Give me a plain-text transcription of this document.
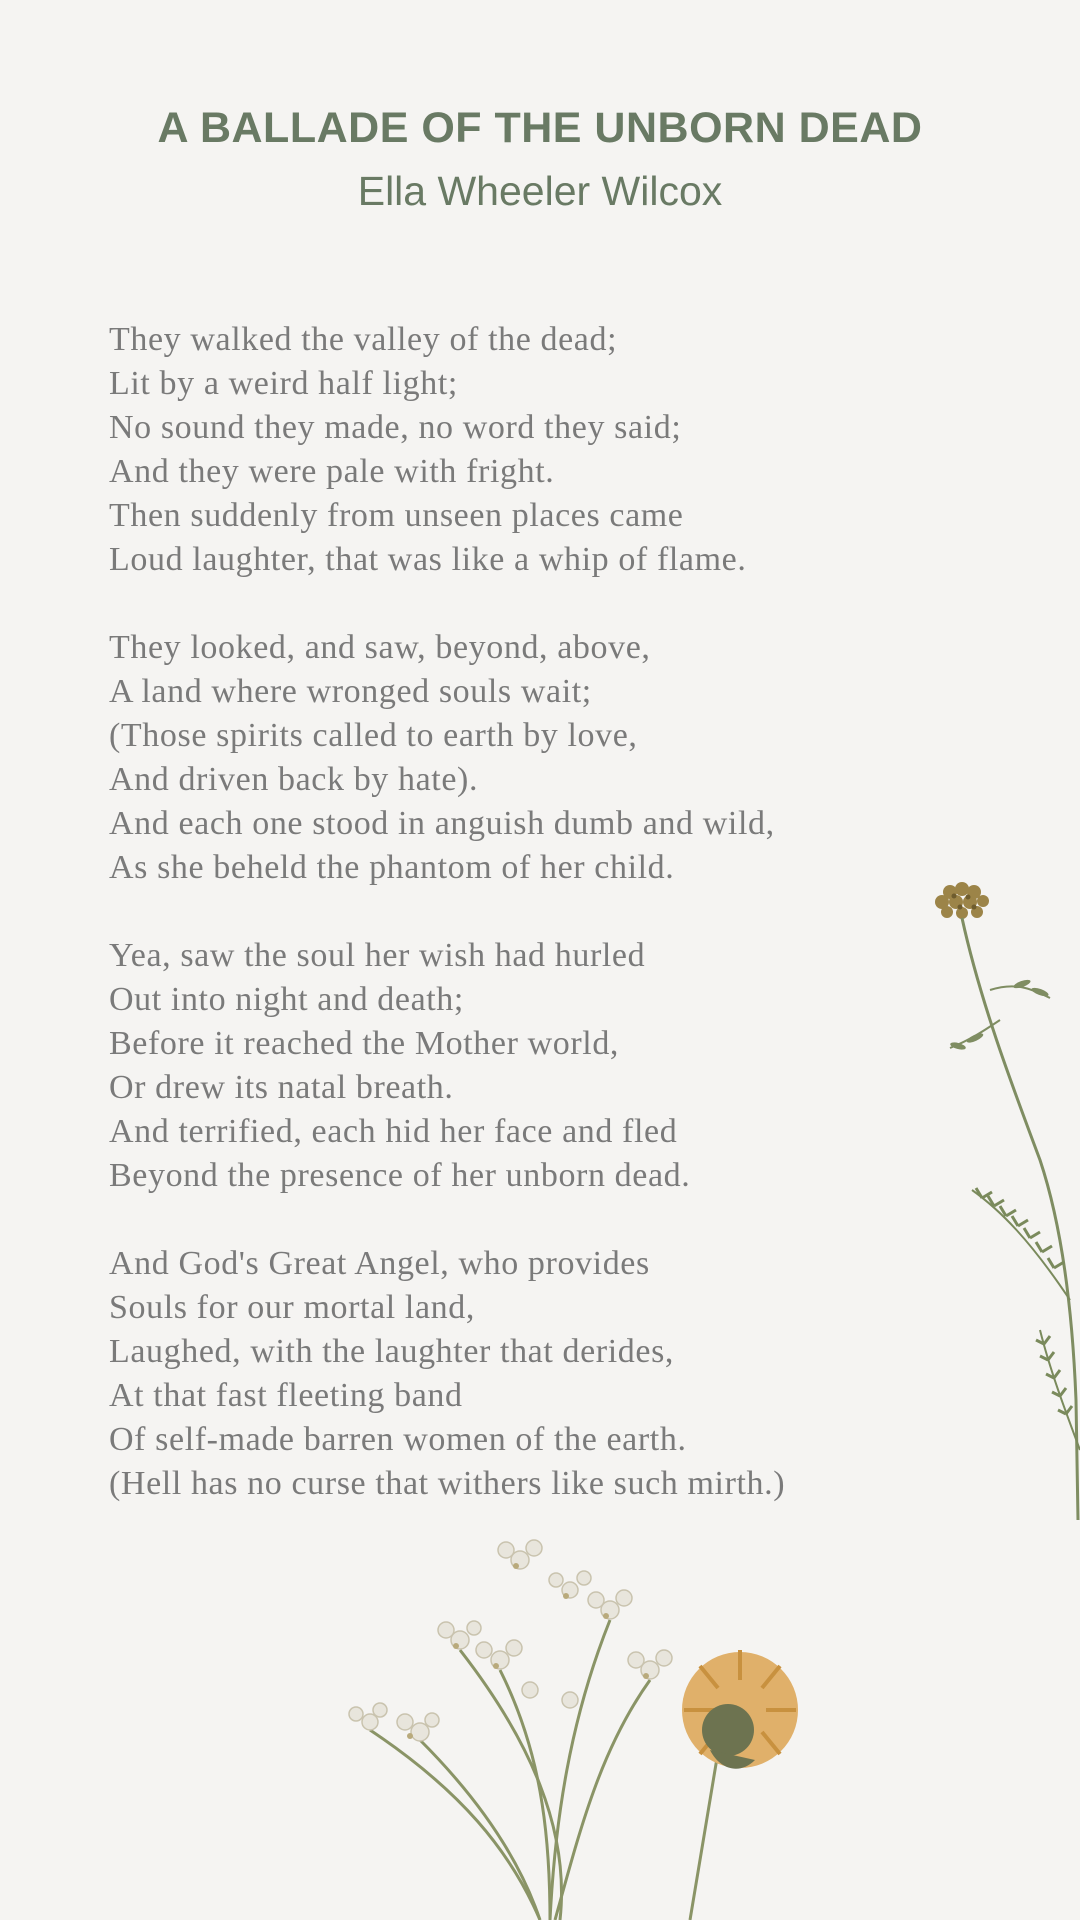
A BALLADE OF THE UNBORN DEAD
Ella Wheeler Wilcox

They walked the valley of the dead;
Lit by a weird half light;
No sound they made, no word they said;
And they were pale with fright.
Then suddenly from unseen places came
Loud laughter, that was like a whip of flame.

They looked, and saw, beyond, above,
A land where wronged souls wait;
(Those spirits called to earth by love,
And driven back by hate).
And each one stood in anguish dumb and wild,
As she beheld the phantom of her child.

Yea, saw the soul her wish had hurled
Out into night and death;
Before it reached the Mother world,
Or drew its natal breath.
And terrified, each hid her face and fled
Beyond the presence of her unborn dead.

And God's Great Angel, who provides
Souls for our mortal land,
Laughed, with the laughter that derides,
At that fast fleeting band
Of self-made barren women of the earth.
(Hell has no curse that withers like such mirth.)
